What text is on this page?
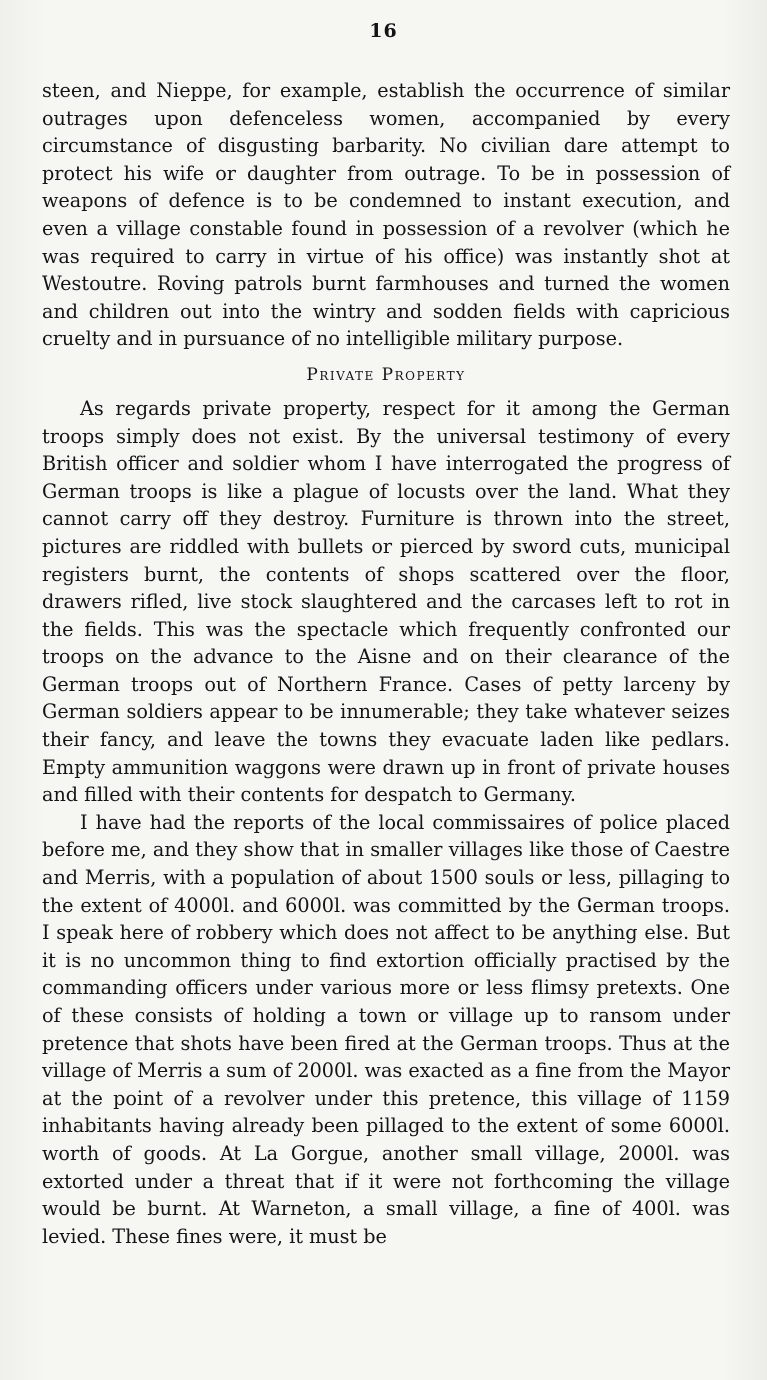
16

steen, and Nieppe, for example, establish the occurrence of similar outrages upon defenceless women, accompanied by every circumstance of disgusting barbarity. No civilian dare attempt to protect his wife or daughter from outrage. To be in possession of weapons of defence is to be condemned to instant execution, and even a village constable found in possession of a revolver (which he was required to carry in virtue of his office) was instantly shot at Westoutre. Roving patrols burnt farmhouses and turned the women and children out into the wintry and sodden fields with capricious cruelty and in pursuance of no intelligible military purpose.

Private Property

As regards private property, respect for it among the German troops simply does not exist. By the universal testimony of every British officer and soldier whom I have interrogated the progress of German troops is like a plague of locusts over the land. What they cannot carry off they destroy. Furniture is thrown into the street, pictures are riddled with bullets or pierced by sword cuts, municipal registers burnt, the contents of shops scattered over the floor, drawers rifled, live stock slaughtered and the carcases left to rot in the fields. This was the spectacle which frequently confronted our troops on the advance to the Aisne and on their clearance of the German troops out of Northern France. Cases of petty larceny by German soldiers appear to be innumerable; they take whatever seizes their fancy, and leave the towns they evacuate laden like pedlars. Empty ammunition waggons were drawn up in front of private houses and filled with their contents for despatch to Germany.

I have had the reports of the local commissaires of police placed before me, and they show that in smaller villages like those of Caestre and Merris, with a population of about 1500 souls or less, pillaging to the extent of 4000l. and 6000l. was committed by the German troops. I speak here of robbery which does not affect to be anything else. But it is no uncommon thing to find extortion officially practised by the commanding officers under various more or less flimsy pretexts. One of these consists of holding a town or village up to ransom under pretence that shots have been fired at the German troops. Thus at the village of Merris a sum of 2000l. was exacted as a fine from the Mayor at the point of a revolver under this pretence, this village of 1159 inhabitants having already been pillaged to the extent of some 6000l. worth of goods. At La Gorgue, another small village, 2000l. was extorted under a threat that if it were not forthcoming the village would be burnt. At Warneton, a small village, a fine of 400l. was levied. These fines were, it must be
